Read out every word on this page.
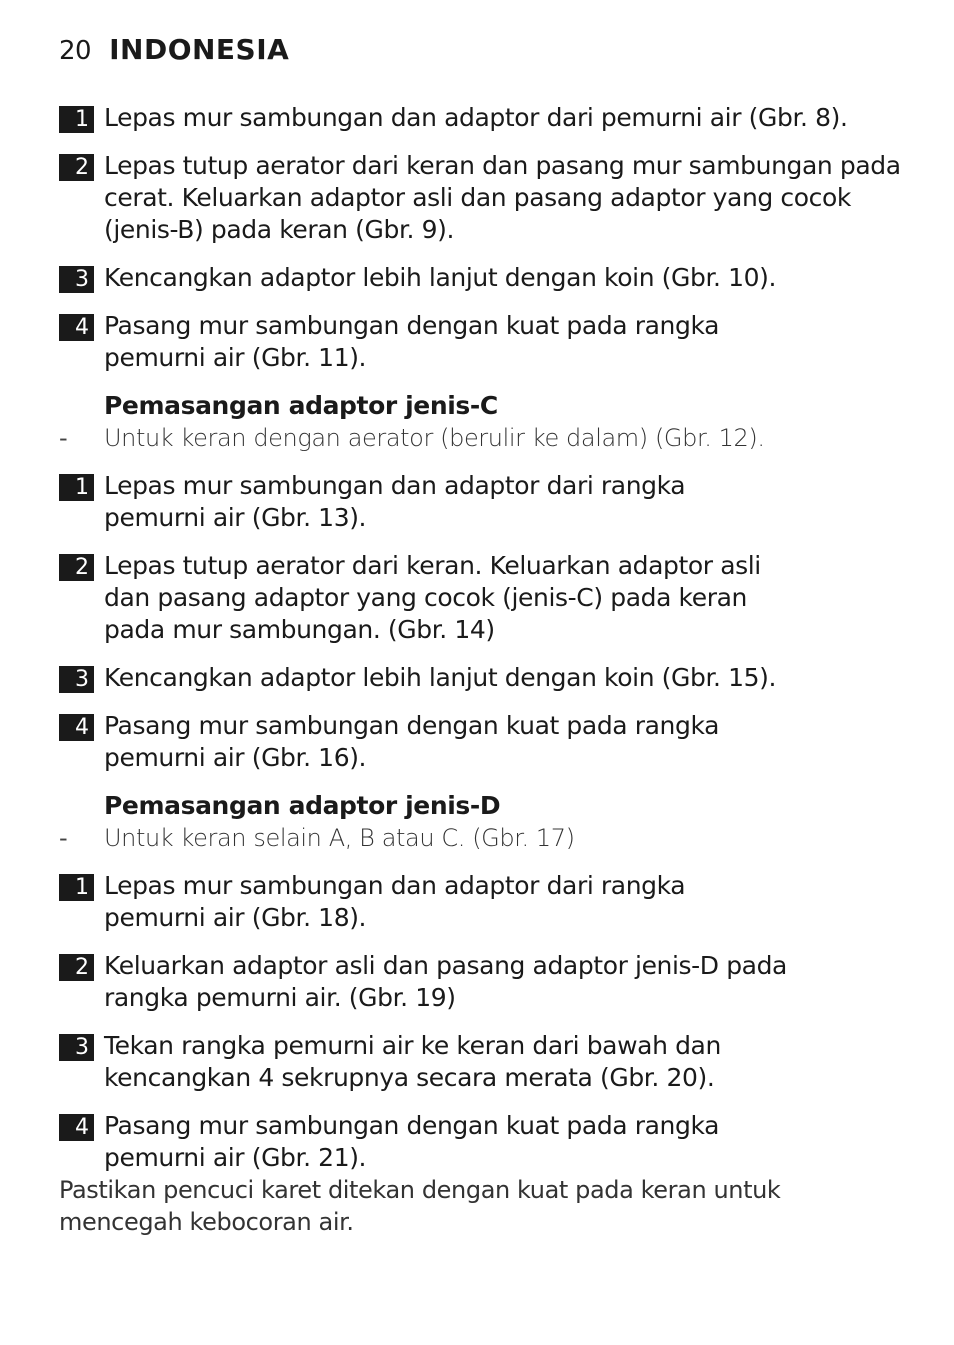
20 INDONESIA
1 Lepas mur sambungan dan adaptor dari pemurni air (Gbr. 8).
2 Lepas tutup aerator dari keran dan pasang mur sambungan pada cerat. Keluarkan adaptor asli dan pasang adaptor yang cocok (jenis-B) pada keran (Gbr. 9).
3 Kencangkan adaptor lebih lanjut dengan koin (Gbr. 10).
4 Pasang mur sambungan dengan kuat pada rangka pemurni air (Gbr. 11).
Pemasangan adaptor jenis-C
-	Untuk keran dengan aerator (berulir ke dalam) (Gbr. 12).
1 Lepas mur sambungan dan adaptor dari rangka pemurni air (Gbr. 13).
2 Lepas tutup aerator dari keran. Keluarkan adaptor asli dan pasang adaptor yang cocok (jenis-C) pada keran pada mur sambungan. (Gbr. 14)
3 Kencangkan adaptor lebih lanjut dengan koin (Gbr. 15).
4 Pasang mur sambungan dengan kuat pada rangka pemurni air (Gbr. 16).
Pemasangan adaptor jenis-D
-	Untuk keran selain A, B atau C. (Gbr. 17)
1 Lepas mur sambungan dan adaptor dari rangka pemurni air (Gbr. 18).
2 Keluarkan adaptor asli dan pasang adaptor jenis-D pada rangka pemurni air. (Gbr. 19)
3 Tekan rangka pemurni air ke keran dari bawah dan kencangkan 4 sekrupnya secara merata (Gbr. 20).
4 Pasang mur sambungan dengan kuat pada rangka pemurni air (Gbr. 21).
Pastikan pencuci karet ditekan dengan kuat pada keran untuk mencegah kebocoran air.
